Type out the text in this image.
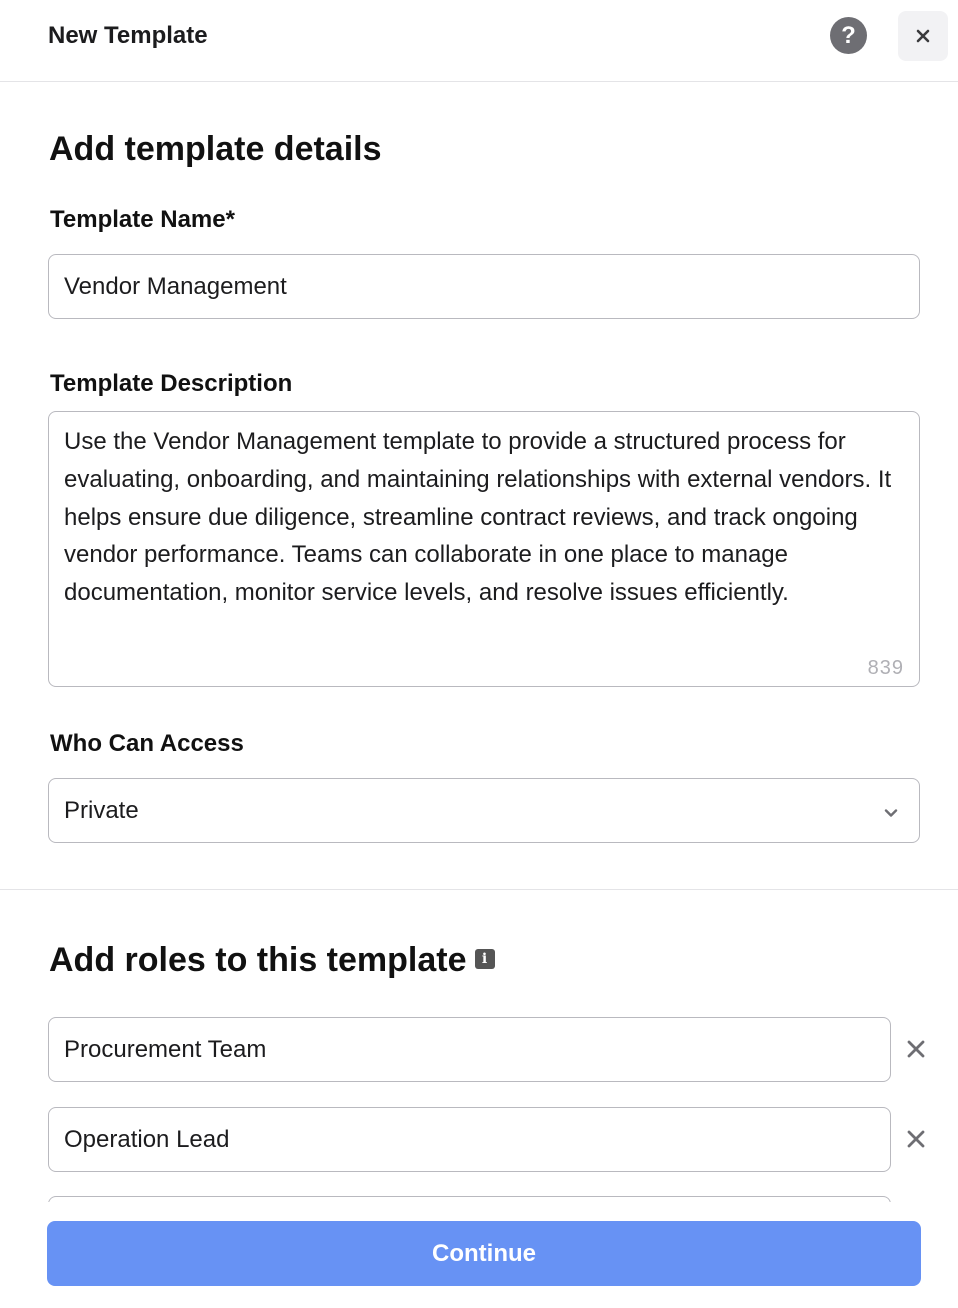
New Template	?
Add template details
Template Name*
Vendor Management
Template Description
Use the Vendor Management template to provide a structured process for evaluating, onboarding, and maintaining relationships with external vendors. It helps ensure due diligence, streamline contract reviews, and track ongoing vendor performance. Teams can collaborate in one place to manage documentation, monitor service levels, and resolve issues efficiently.
839
Who Can Access
Private
Add roles to this template i
Procurement Team
Operation Lead
Continue
